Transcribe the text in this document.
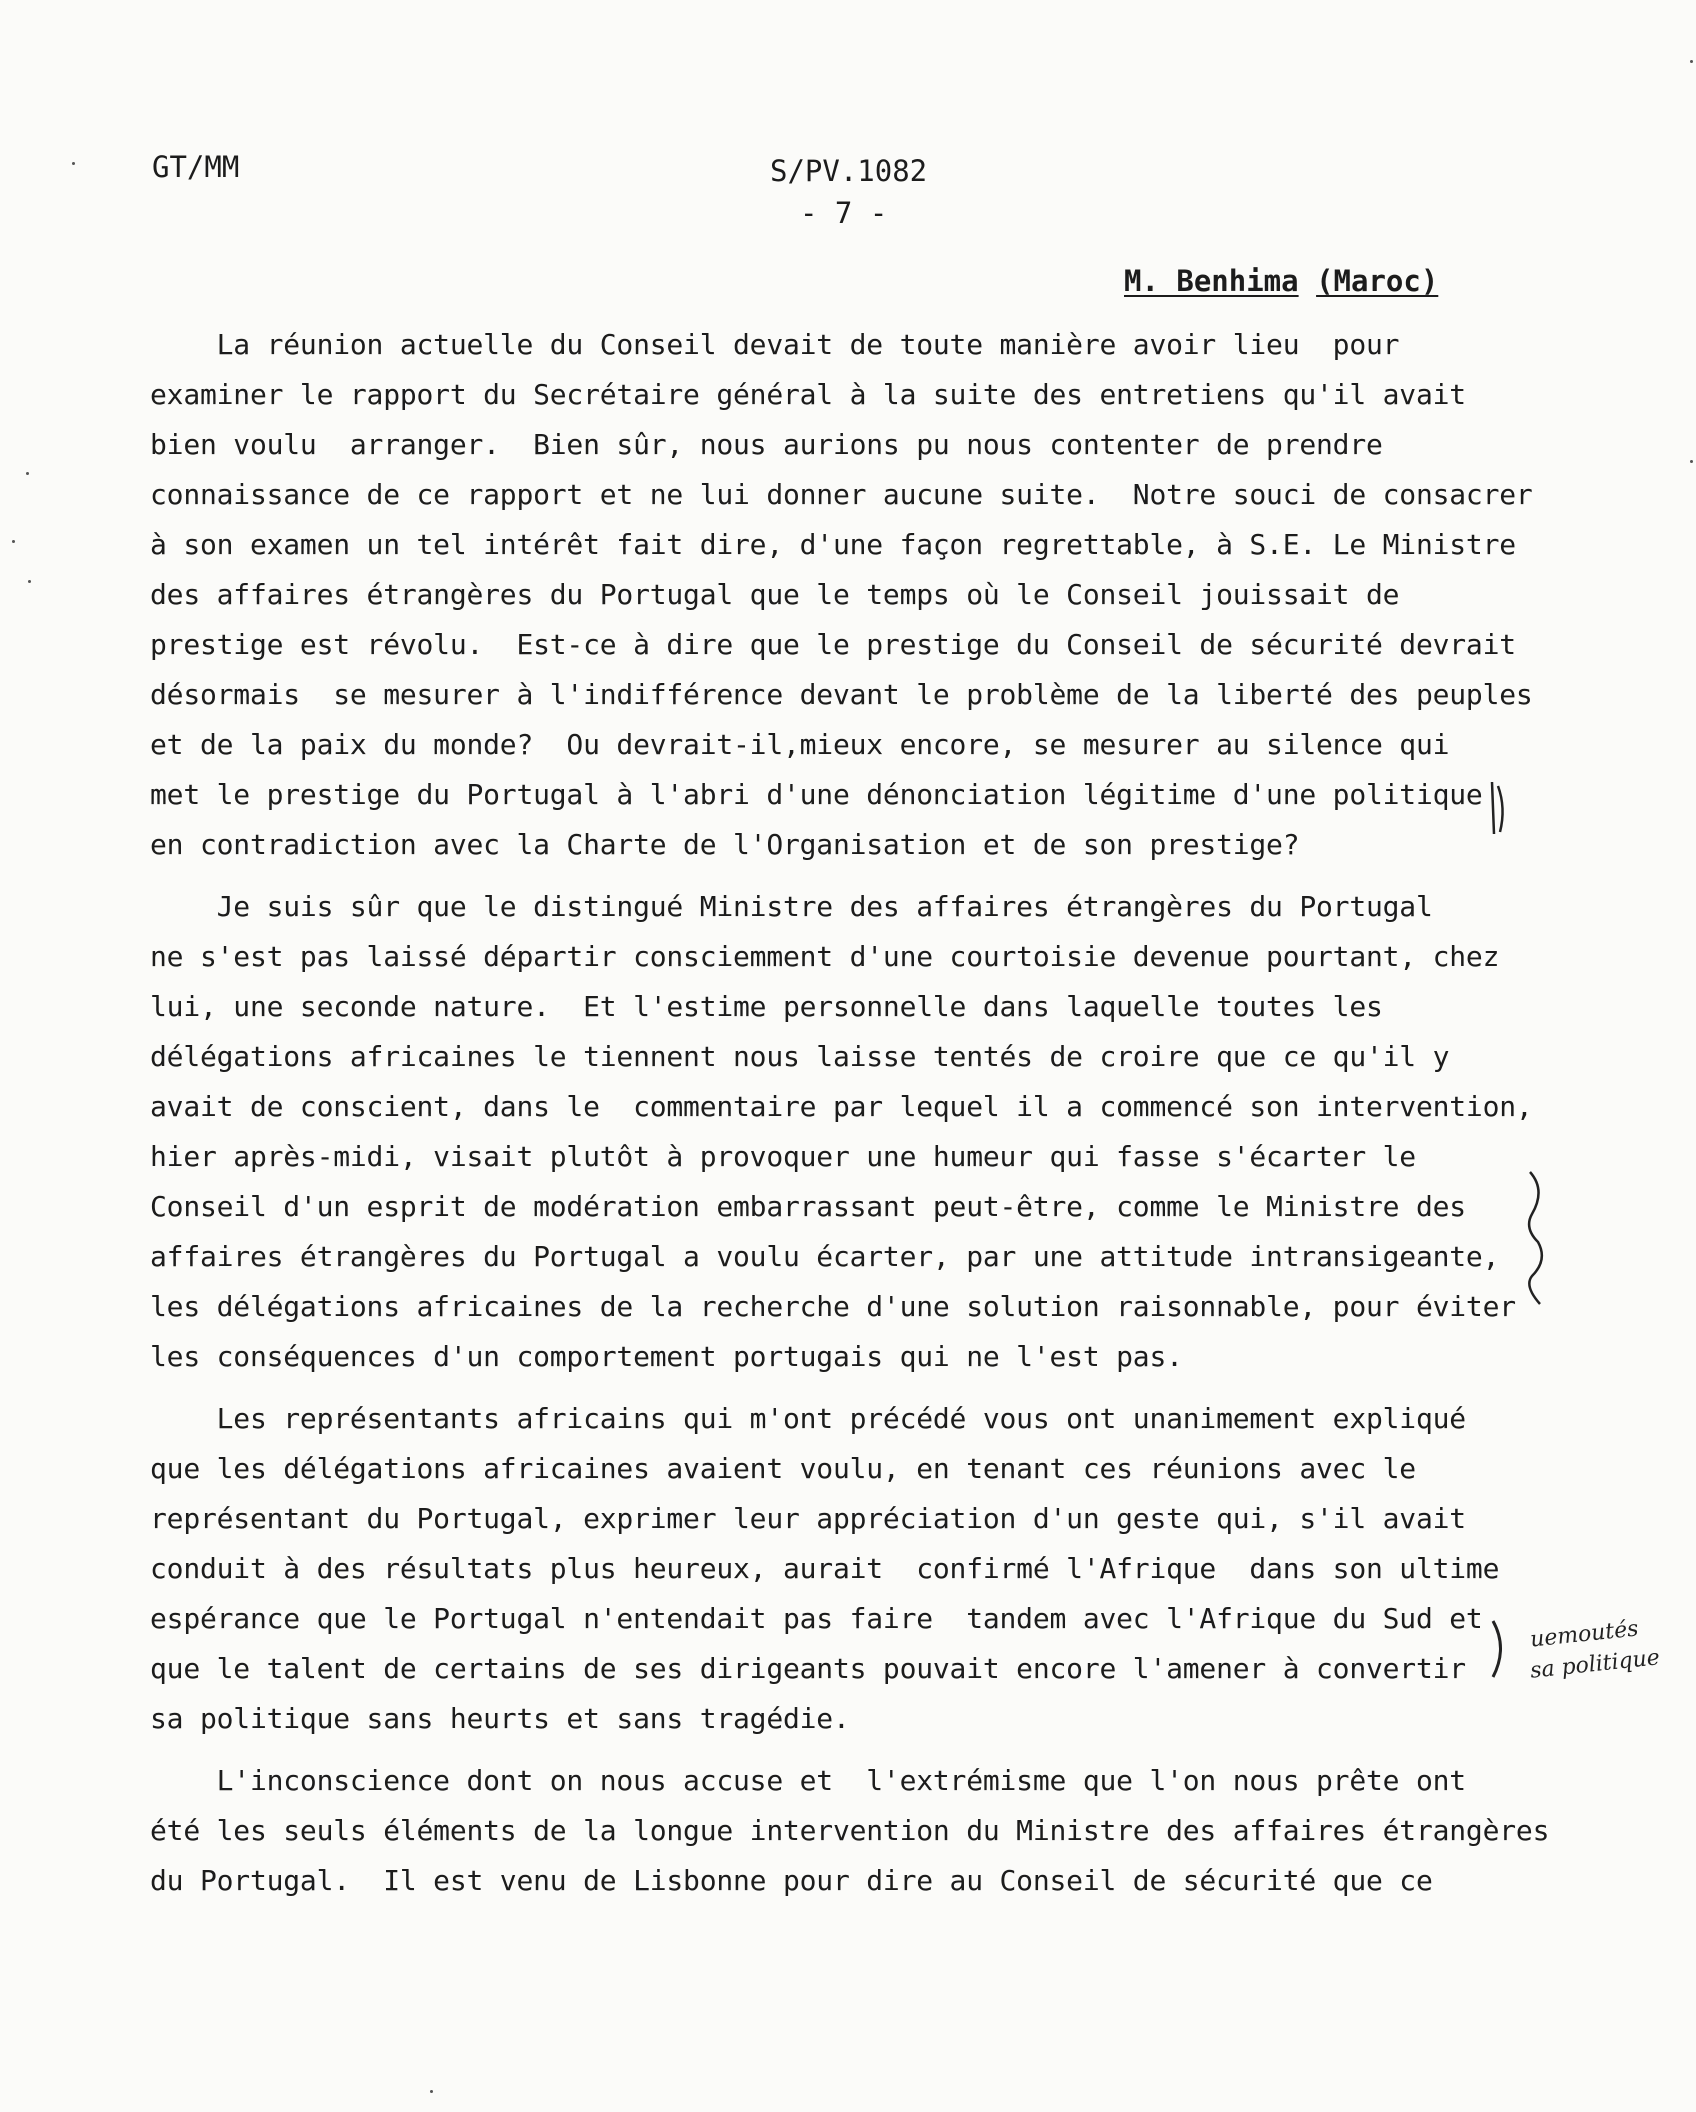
GT/MM	S/PV.1082
- 7 -
M. Benhima (Maroc)
La réunion actuelle du Conseil devait de toute manière avoir lieu  pour
examiner le rapport du Secrétaire général à la suite des entretiens qu'il avait
bien voulu  arranger.  Bien sûr, nous aurions pu nous contenter de prendre
connaissance de ce rapport et ne lui donner aucune suite.  Notre souci de consacrer
à son examen un tel intérêt fait dire, d'une façon regrettable, à S.E. Le Ministre
des affaires étrangères du Portugal que le temps où le Conseil jouissait de
prestige est révolu.  Est-ce à dire que le prestige du Conseil de sécurité devrait
désormais  se mesurer à l'indifférence devant le problème de la liberté des peuples
et de la paix du monde?  Ou devrait-il,mieux encore, se mesurer au silence qui
met le prestige du Portugal à l'abri d'une dénonciation légitime d'une politique
en contradiction avec la Charte de l'Organisation et de son prestige?
Je suis sûr que le distingué Ministre des affaires étrangères du Portugal
ne s'est pas laissé départir consciemment d'une courtoisie devenue pourtant, chez
lui, une seconde nature.  Et l'estime personnelle dans laquelle toutes les
délégations africaines le tiennent nous laisse tentés de croire que ce qu'il y
avait de conscient, dans le  commentaire par lequel il a commencé son intervention,
hier après-midi, visait plutôt à provoquer une humeur qui fasse s'écarter le
Conseil d'un esprit de modération embarrassant peut-être, comme le Ministre des
affaires étrangères du Portugal a voulu écarter, par une attitude intransigeante,
les délégations africaines de la recherche d'une solution raisonnable, pour éviter
les conséquences d'un comportement portugais qui ne l'est pas.
Les représentants africains qui m'ont précédé vous ont unanimement expliqué
que les délégations africaines avaient voulu, en tenant ces réunions avec le
représentant du Portugal, exprimer leur appréciation d'un geste qui, s'il avait
conduit à des résultats plus heureux, aurait  confirmé l'Afrique  dans son ultime
espérance que le Portugal n'entendait pas faire  tandem avec l'Afrique du Sud et
que le talent de certains de ses dirigeants pouvait encore l'amener à convertir
sa politique sans heurts et sans tragédie.
L'inconscience dont on nous accuse et  l'extrémisme que l'on nous prête ont
été les seuls éléments de la longue intervention du Ministre des affaires étrangères
du Portugal.  Il est venu de Lisbonne pour dire au Conseil de sécurité que ce
uemoutés
sa politique
